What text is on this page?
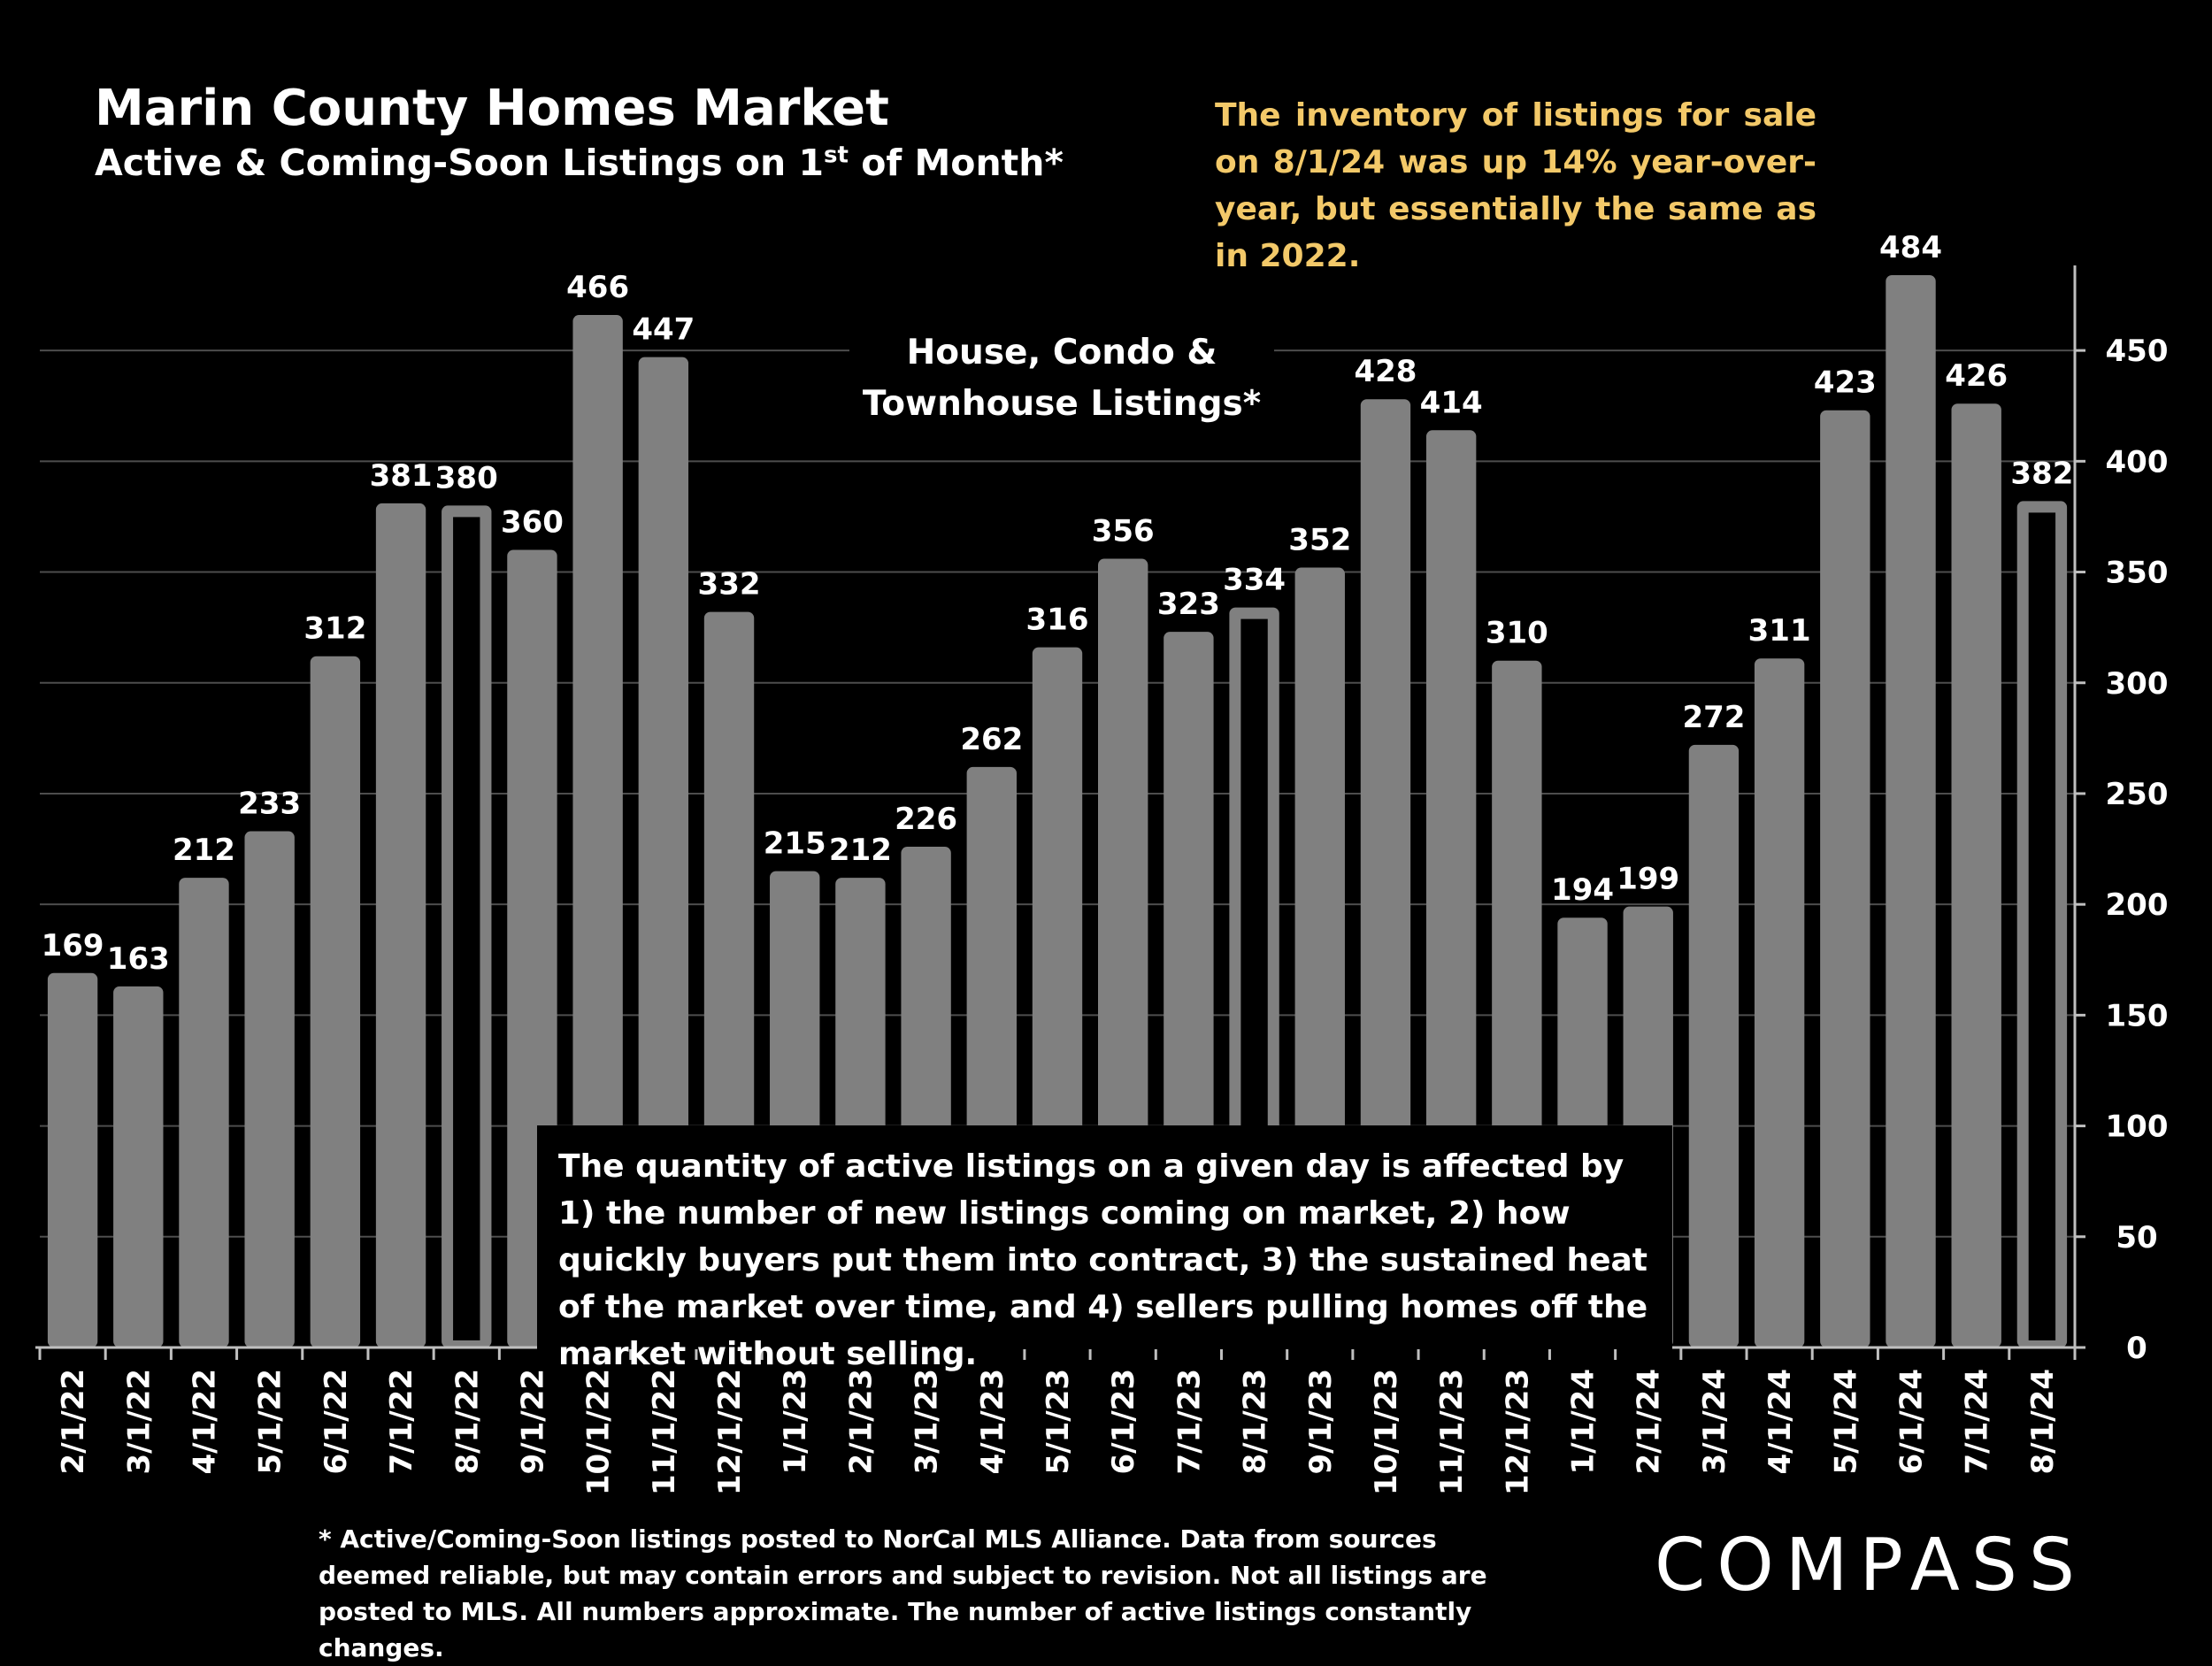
169 163
212
233
312
381 380
360
466
447
332
215 212
226
262
316
356
323
334
352
428
414
310
194 199
272
311
423
484
426
382
2/1/22 3/1/22 4/1/22 5/1/22 6/1/22 7/1/22 8/1/22 9/1/22 10/1/22 11/1/22 12/1/22 1/1/23 2/1/23 3/1/23 4/1/23 5/1/23 6/1/23 7/1/23 8/1/23 9/1/23 10/1/23 11/1/23 12/1/23 1/1/24 2/1/24 3/1/24 4/1/24 5/1/24 6/1/24 7/1/24 8/1/24
0
50
100
150
200
250
300
350
400
450
Marin County Homes Market
Active & Coming-Soon Listings on 1st of Month*
The inventory of listings for sale on 8/1/24 was up 14% year-over-year, but essentially the same as in 2022.
House, Condo &
Townhouse Listings*
The quantity of active listings on a given day is affected by 1) the number of new listings coming on market, 2) how quickly buyers put them into contract, 3) the sustained heat of the market over time, and 4) sellers pulling homes off the market without selling.
* Active/Coming-Soon listings posted to NorCal MLS Alliance. Data from sources deemed reliable, but may contain errors and subject to revision. Not all listings are posted to MLS. All numbers approximate. The number of active listings constantly changes.
COMPASS
